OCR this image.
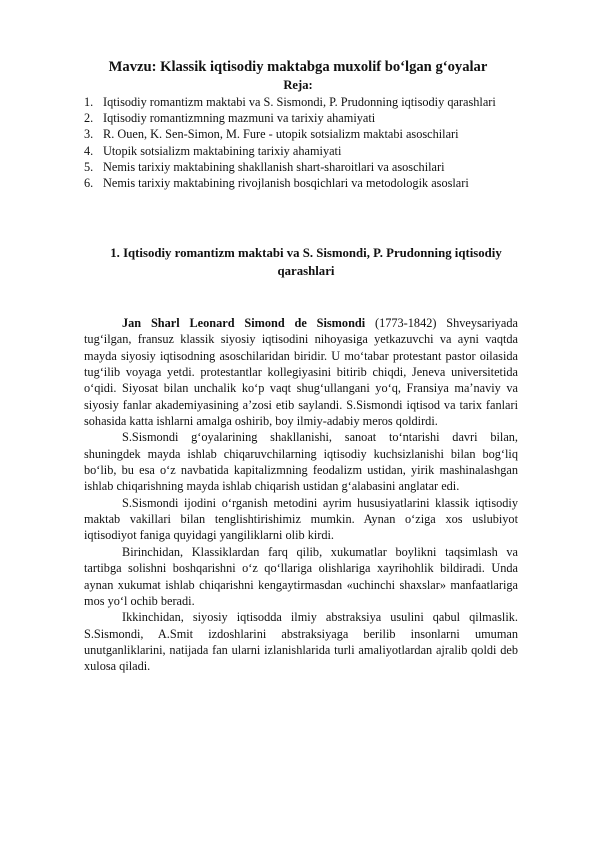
Mavzu: Klassik iqtisodiy maktabga muxolif bo‘lgan g‘oyalar
Reja:
1. Iqtisodiy romantizm maktabi va S. Sismondi, P. Prudonning iqtisodiy qarashlari
2. Iqtisodiy romantizmning mazmuni va tarixiy ahamiyati
3. R. Ouen, K. Sen-Simon, M. Fure - utopik sotsializm maktabi asoschilari
4. Utopik sotsializm maktabining tarixiy ahamiyati
5. Nemis tarixiy maktabining shakllanish shart-sharoitlari va asoschilari
6. Nemis tarixiy maktabining rivojlanish bosqichlari va metodologik asoslari
1. Iqtisodiy romantizm maktabi va S. Sismondi, P. Prudonning iqtisodiy qarashlari

Jan Sharl Leonard Simond de Sismondi (1773-1842) Shveysariyada tug‘ilgan, fransuz klassik siyosiy iqtisodini nihoyasiga yetkazuvchi va ayni vaqtda mayda siyosiy iqtisodning asoschilaridan biridir. U mo‘tabar protestant pastor oilasida tug‘ilib voyaga yetdi. protestantlar kollegiyasini bitirib chiqdi, Jeneva universitetida o‘qidi. Siyosat bilan unchalik ko‘p vaqt shug‘ullangani yo‘q, Fransiya ma’naviy va siyosiy fanlar akademiyasining a’zosi etib saylandi. S.Sismondi iqtisod va tarix fanlari sohasida katta ishlarni amalga oshirib, boy ilmiy-adabiy meros qoldirdi.

S.Sismondi g‘oyalarining shakllanishi, sanoat to‘ntarishi davri bilan, shuningdek mayda ishlab chiqaruvchilarning iqtisodiy kuchsizlanishi bilan bog‘liq bo‘lib, bu esa o‘z navbatida kapitalizmning feodalizm ustidan, yirik mashinalashgan ishlab chiqarishning mayda ishlab chiqarish ustidan g‘alabasini anglatar edi.

S.Sismondi ijodini o‘rganish metodini ayrim hususiyatlarini klassik iqtisodiy maktab vakillari bilan tenglishtirishimiz mumkin. Aynan o‘ziga xos uslubiyot iqtisodiyot faniga quyidagi yangiliklarni olib kirdi.

Birinchidan, Klassiklardan farq qilib, xukumatlar boylikni taqsimlash va tartibga solishni boshqarishni o‘z qo‘llariga olishlariga xayrihohlik bildiradi. Unda aynan xukumat ishlab chiqarishni kengaytirmasdan «uchinchi shaxslar» manfaatlariga mos yo‘l ochib beradi.

Ikkinchidan, siyosiy iqtisodda ilmiy abstraksiya usulini qabul qilmaslik. S.Sismondi, A.Smit izdoshlarini abstraksiyaga berilib insonlarni umuman unutganliklarini, natijada fan ularni izlanishlarida turli amaliyotlardan ajralib qoldi deb xulosa qiladi.
